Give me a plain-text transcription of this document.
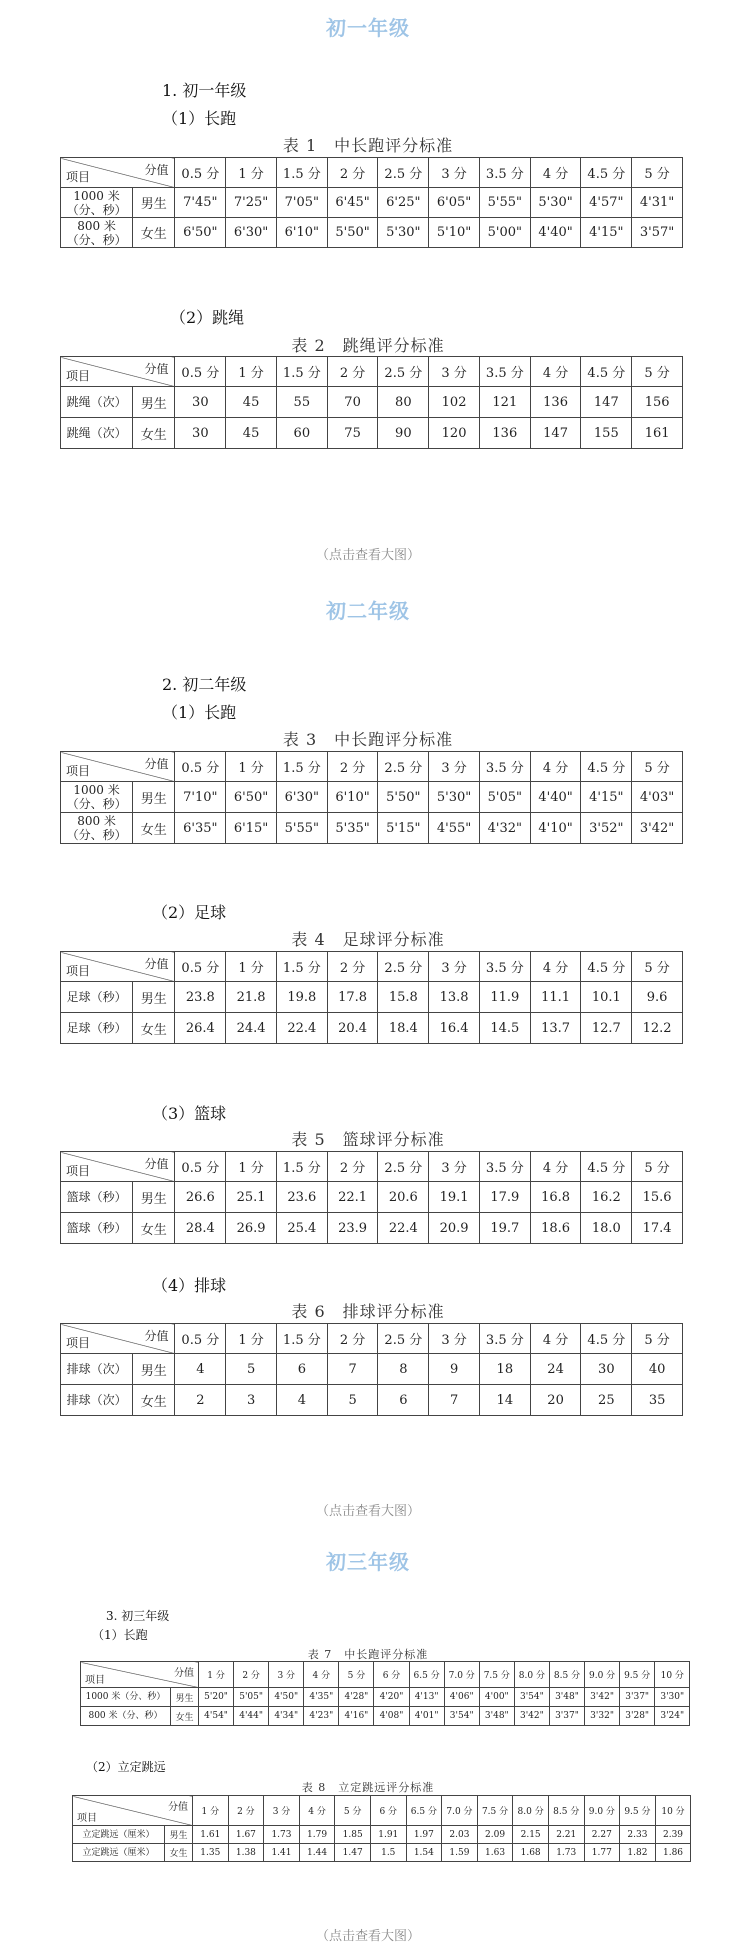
初一年级
1. 初一年级
（1）长跑
表 1　中长跑评分标准
分值
项目		0.5 分	1 分	1.5 分	2 分	2.5 分	3 分	3.5 分	4 分	4.5 分	5 分
1000 米
（分、秒）	男生	7'45"	7'25"	7'05"	6'45"	6'25"	6'05"	5'55"	5'30"	4'57"	4'31"
800 米
（分、秒）	女生	6'50"	6'30"	6'10"	5'50"	5'30"	5'10"	5'00"	4'40"	4'15"	3'57"
（2）跳绳
表 2　跳绳评分标准
分值
项目		0.5 分	1 分	1.5 分	2 分	2.5 分	3 分	3.5 分	4 分	4.5 分	5 分
跳绳（次）	男生	30	45	55	70	80	102	121	136	147	156
跳绳（次）	女生	30	45	60	75	90	120	136	147	155	161
（点击查看大图）
初二年级
2. 初二年级
（1）长跑
表 3　中长跑评分标准
分值
项目		0.5 分	1 分	1.5 分	2 分	2.5 分	3 分	3.5 分	4 分	4.5 分	5 分
1000 米
（分、秒）	男生	7'10"	6'50"	6'30"	6'10"	5'50"	5'30"	5'05"	4'40"	4'15"	4'03"
800 米
（分、秒）	女生	6'35"	6'15"	5'55"	5'35"	5'15"	4'55"	4'32"	4'10"	3'52"	3'42"
（2）足球
表 4　足球评分标准
分值
项目		0.5 分	1 分	1.5 分	2 分	2.5 分	3 分	3.5 分	4 分	4.5 分	5 分
足球（秒）	男生	23.8	21.8	19.8	17.8	15.8	13.8	11.9	11.1	10.1	9.6
足球（秒）	女生	26.4	24.4	22.4	20.4	18.4	16.4	14.5	13.7	12.7	12.2
（3）篮球
表 5　篮球评分标准
分值
项目		0.5 分	1 分	1.5 分	2 分	2.5 分	3 分	3.5 分	4 分	4.5 分	5 分
篮球（秒）	男生	26.6	25.1	23.6	22.1	20.6	19.1	17.9	16.8	16.2	15.6
篮球（秒）	女生	28.4	26.9	25.4	23.9	22.4	20.9	19.7	18.6	18.0	17.4
（4）排球
表 6　排球评分标准
分值
项目		0.5 分	1 分	1.5 分	2 分	2.5 分	3 分	3.5 分	4 分	4.5 分	5 分
排球（次）	男生	4	5	6	7	8	9	18	24	30	40
排球（次）	女生	2	3	4	5	6	7	14	20	25	35
（点击查看大图）
初三年级
3. 初三年级
（1）长跑
表 7　中长跑评分标准
分值
项目		1 分	2 分	3 分	4 分	5 分	6 分	6.5 分	7.0 分	7.5 分	8.0 分	8.5 分	9.0 分	9.5 分	10 分
1000 米（分、秒）	男生	5'20"	5'05"	4'50"	4'35"	4'28"	4'20"	4'13"	4'06"	4'00"	3'54"	3'48"	3'42"	3'37"	3'30"
800 米（分、秒）	女生	4'54"	4'44"	4'34"	4'23"	4'16"	4'08"	4'01"	3'54"	3'48"	3'42"	3'37"	3'32"	3'28"	3'24"
（2）立定跳远
表 8　立定跳远评分标准
分值
项目		1 分	2 分	3 分	4 分	5 分	6 分	6.5 分	7.0 分	7.5 分	8.0 分	8.5 分	9.0 分	9.5 分	10 分
立定跳远（厘米）	男生	1.61	1.67	1.73	1.79	1.85	1.91	1.97	2.03	2.09	2.15	2.21	2.27	2.33	2.39
立定跳远（厘米）	女生	1.35	1.38	1.41	1.44	1.47	1.5	1.54	1.59	1.63	1.68	1.73	1.77	1.82	1.86
（点击查看大图）
